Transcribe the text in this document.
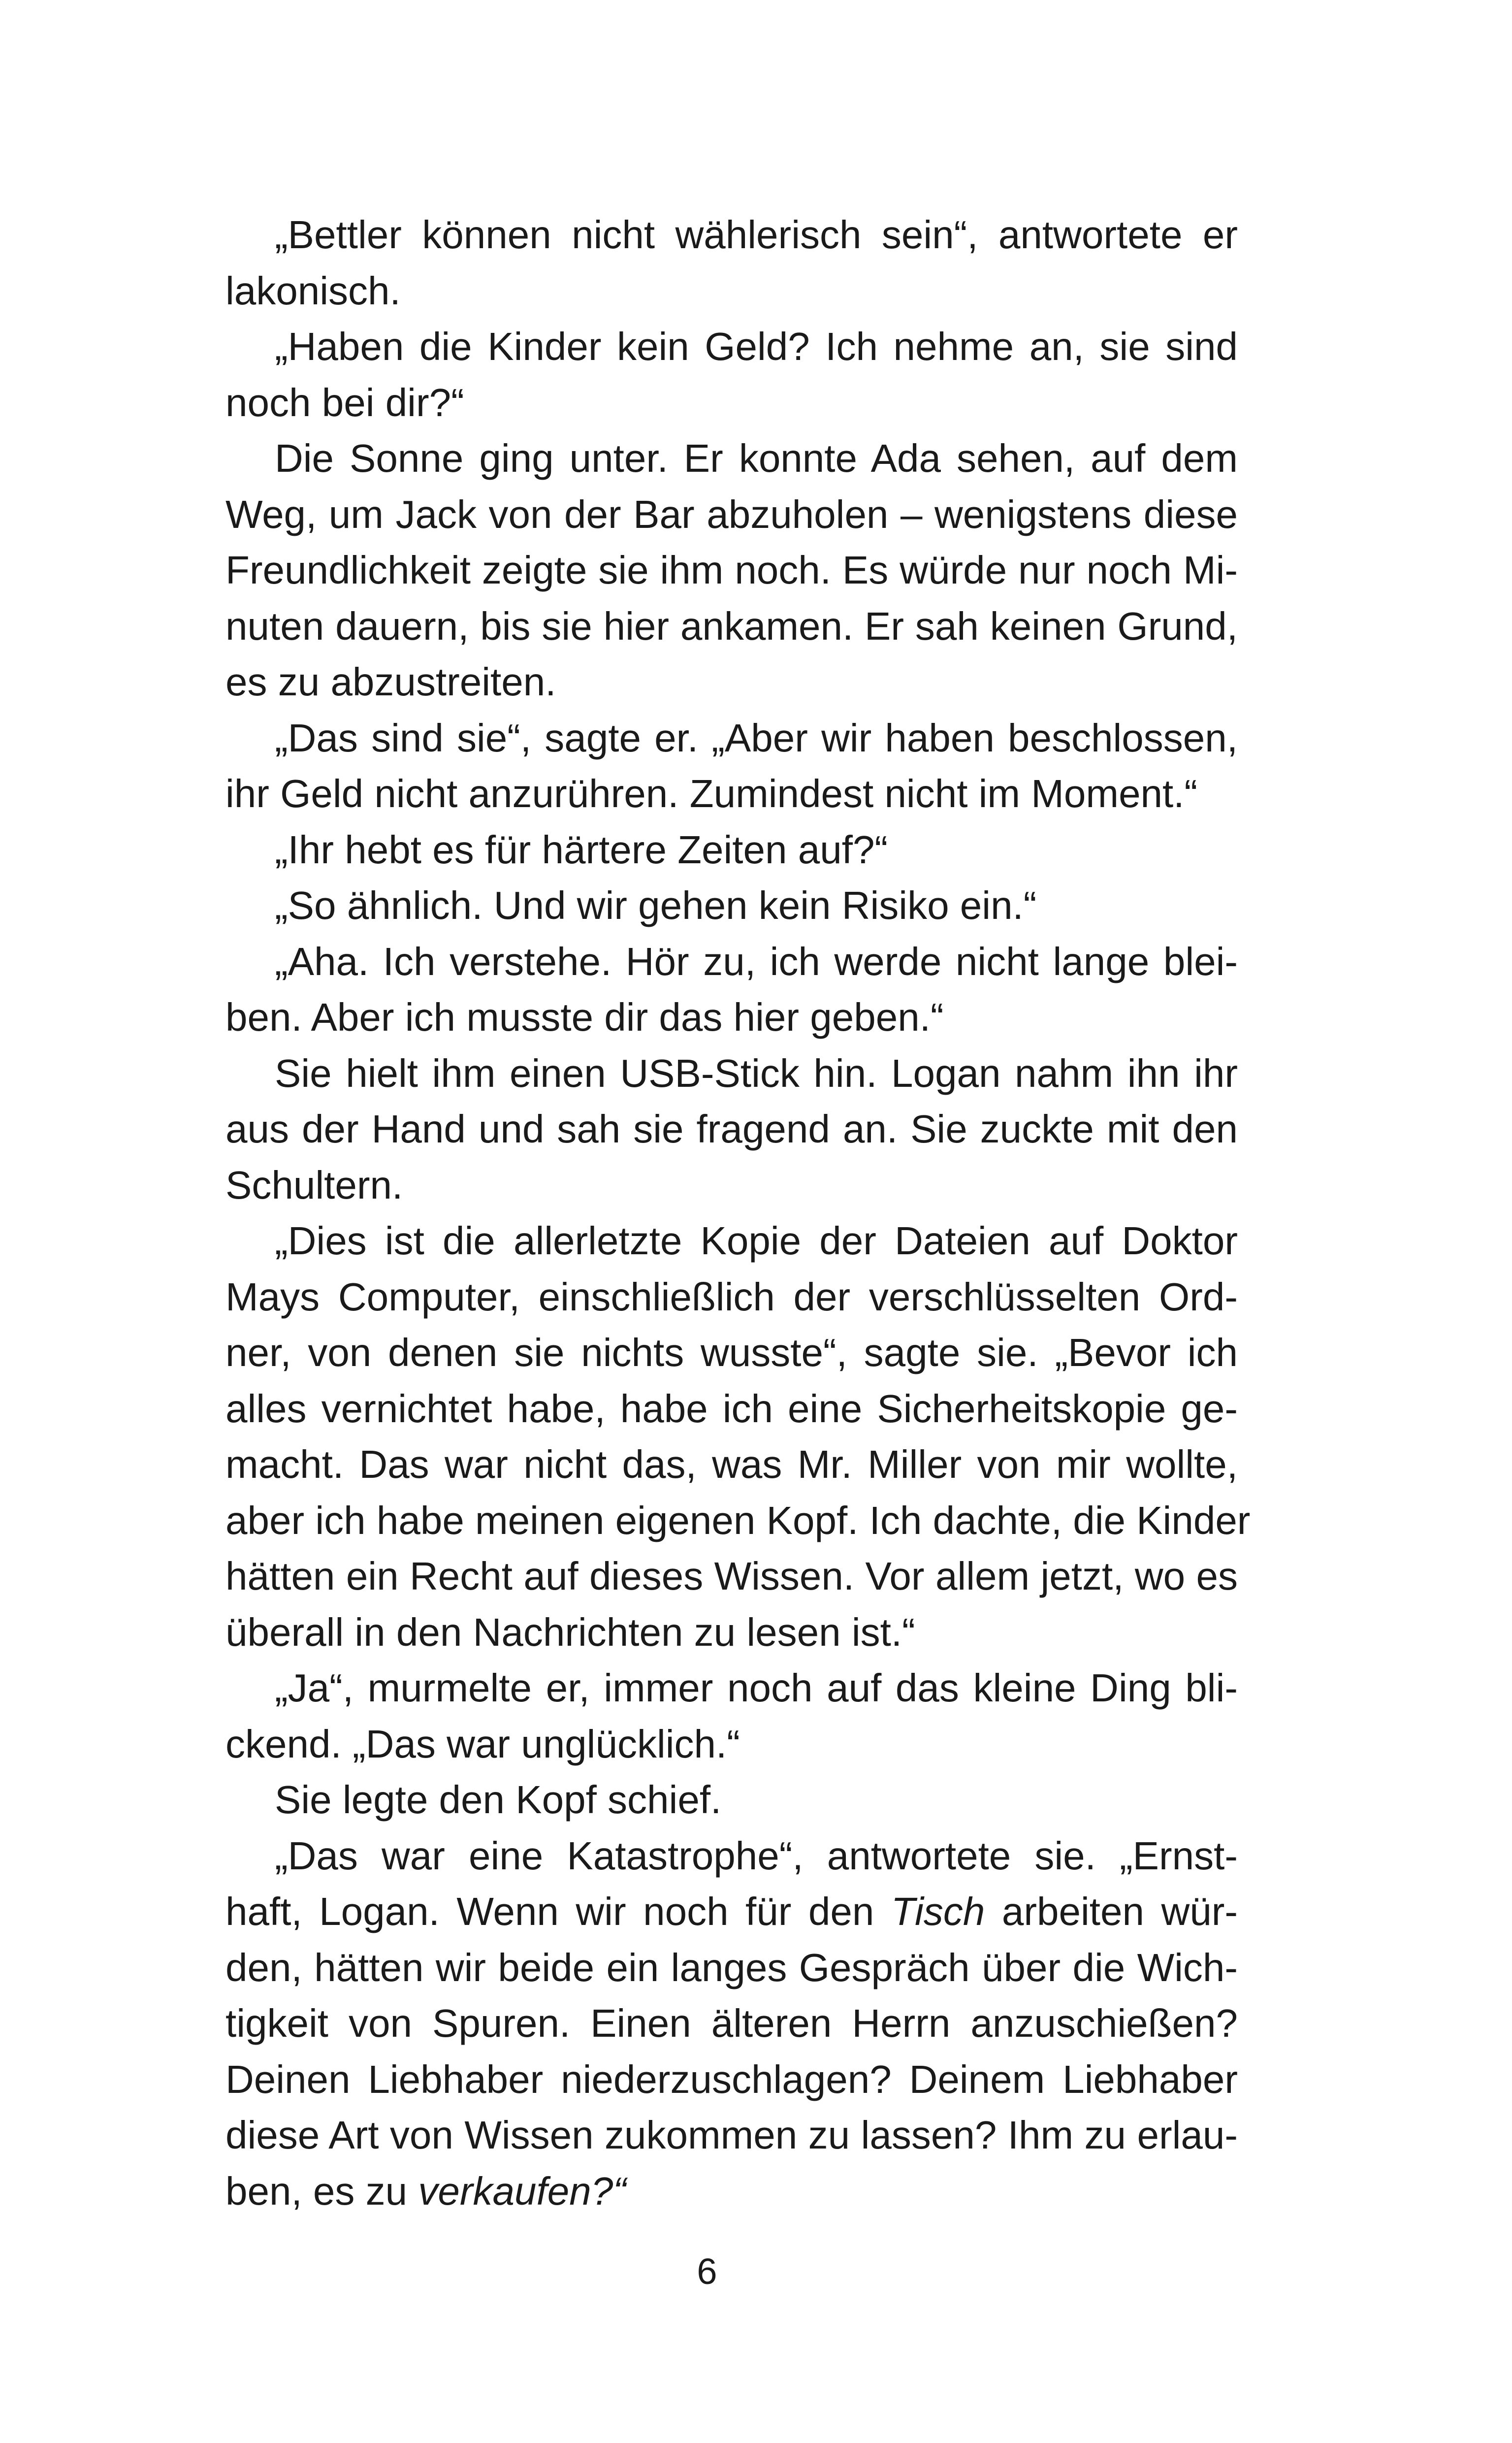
„Bettler können nicht wählerisch sein“, antwortete er
lakonisch.

„Haben die Kinder kein Geld? Ich nehme an, sie sind
noch bei dir?“

Die Sonne ging unter. Er konnte Ada sehen, auf dem
Weg, um Jack von der Bar abzuholen – wenigstens diese
Freundlichkeit zeigte sie ihm noch. Es würde nur noch Mi-
nuten dauern, bis sie hier ankamen. Er sah keinen Grund,
es zu abzustreiten.

„Das sind sie“, sagte er. „Aber wir haben beschlossen,
ihr Geld nicht anzurühren. Zumindest nicht im Moment.“

„Ihr hebt es für härtere Zeiten auf?“

„So ähnlich. Und wir gehen kein Risiko ein.“

„Aha. Ich verstehe. Hör zu, ich werde nicht lange blei-
ben. Aber ich musste dir das hier geben.“

Sie hielt ihm einen USB-Stick hin. Logan nahm ihn ihr
aus der Hand und sah sie fragend an. Sie zuckte mit den
Schultern.

„Dies ist die allerletzte Kopie der Dateien auf Doktor
Mays Computer, einschließlich der verschlüsselten Ord-
ner, von denen sie nichts wusste“, sagte sie. „Bevor ich
alles vernichtet habe, habe ich eine Sicherheitskopie ge-
macht. Das war nicht das, was Mr. Miller von mir wollte,
aber ich habe meinen eigenen Kopf. Ich dachte, die Kinder
hätten ein Recht auf dieses Wissen. Vor allem jetzt, wo es
überall in den Nachrichten zu lesen ist.“

„Ja“, murmelte er, immer noch auf das kleine Ding bli-
ckend. „Das war unglücklich.“

Sie legte den Kopf schief.

„Das war eine Katastrophe“, antwortete sie. „Ernst-
haft, Logan. Wenn wir noch für den Tisch arbeiten wür-
den, hätten wir beide ein langes Gespräch über die Wich-
tigkeit von Spuren. Einen älteren Herrn anzuschießen?
Deinen Liebhaber niederzuschlagen? Deinem Liebhaber
diese Art von Wissen zukommen zu lassen? Ihm zu erlau-
ben, es zu verkaufen?“

6
